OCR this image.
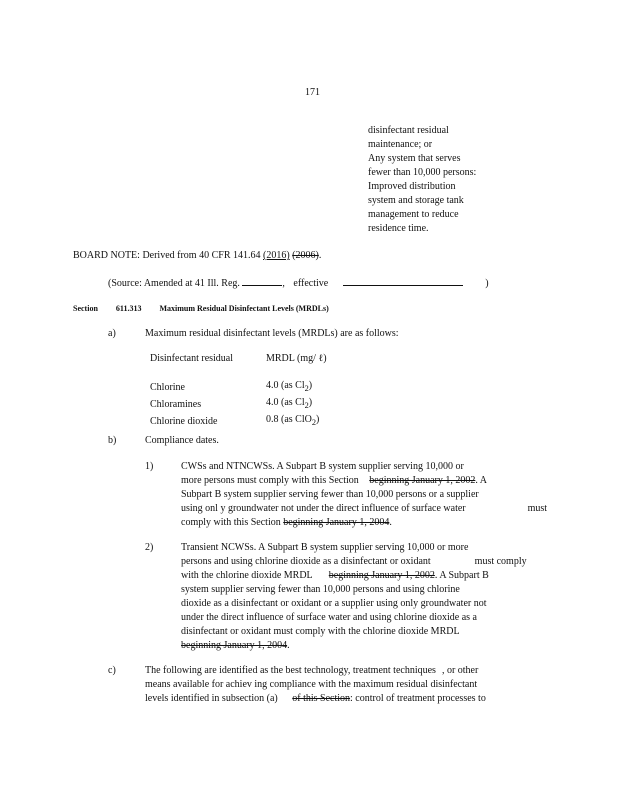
171
disinfectant residual
maintenance; or
Any system that serves
fewer than 10,000 persons:
Improved distribution
system and storage tank
management to reduce
residence time.
BOARD NOTE: Derived from 40 CFR 141.64 (2016) (2006).
(Source: Amended at 41 Ill. Reg.	, effective	)
Section 611.313 Maximum Residual Disinfectant Levels (MRDLs)
a)	Maximum residual disinfectant levels (MRDLs) are as follows:
Disinfectant residual	MRDL (mg/ ℓ)

Chlorine	4.0 (as $Cl_2$)
Chloramines	4.0 (as $Cl_2$)
Chlorine dioxide	0.8 (as ClO$_2$)
b)	Compliance dates.
1)	CWSs and NTNCWSs. A Subpart B system supplier serving 10,000 or
more persons must comply with this Section beginning January 1, 2002. A
Subpart B system supplier serving fewer than 10,000 persons or a supplier
using onl y groundwater not under the direct influence of surface water	must
comply with this Section beginning January 1, 2004.
2)	Transient NCWSs. A Subpart B system supplier serving 10,000 or more
persons and using chlorine dioxide as a disinfectant or oxidant	must comply
with the chlorine dioxide MRDL beginning January 1, 2002. A Subpart B
system supplier serving fewer than 10,000 persons and using chlorine
dioxide as a disinfectant or oxidant or a supplier using only groundwater not
under the direct influence of surface water and using chlorine dioxide as a
disinfectant or oxidant must comply with the chlorine dioxide MRDL
beginning January 1, 2004.
c)	The following are identified as the best technology, treatment techniques , or other
means available for achiev ing compliance with the maximum residual disinfectant
levels identified in subsection (a) of this Section: control of treatment processes to
